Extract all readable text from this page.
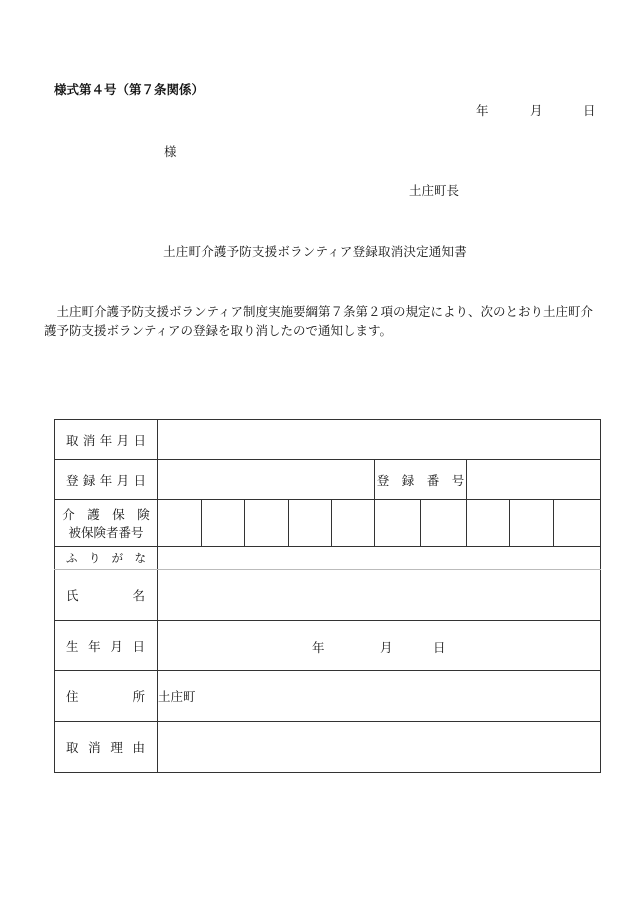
様式第４号（第７条関係）
年	月	日
様
土庄町長
土庄町介護予防支援ボランティア登録取消決定通知書
土庄町介護予防支援ボランティア制度実施要綱第７条第２項の規定により、次のとおり土庄町介護予防支援ボランティアの登録を取り消したので通知します。
取 消 年 月 日										

登 録 年 月 日						登　録　番　号				

介　護　保　険
被保険者番号										

ふ り が な										

氏 名										

生 年 月 日	年 月 日									

住 所	土庄町									

取 消 理 由										
